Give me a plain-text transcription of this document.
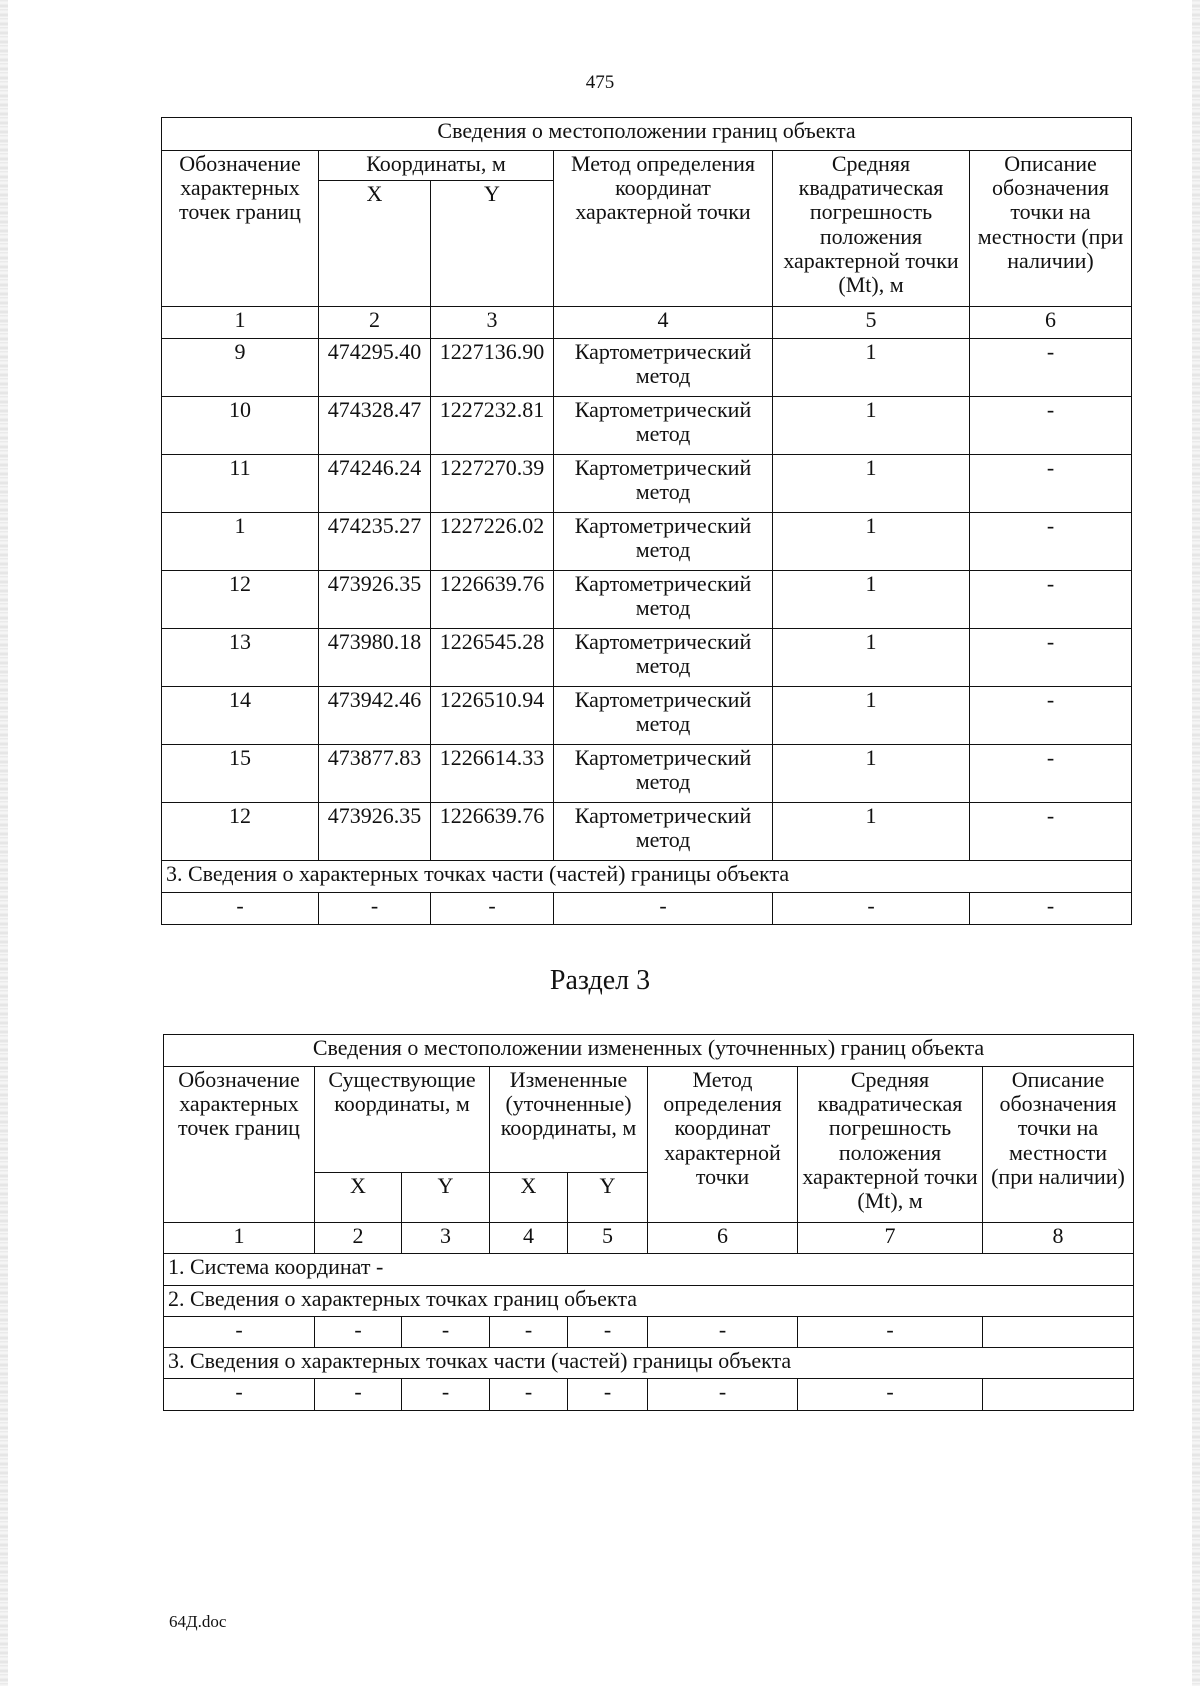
475
Сведения о местоположении границ объекта					
Обозначение характерных точек границ	Координаты, м		Метод определения координат характерной точки	Средняя квадратическая погрешность положения характерной точки (Mt), м	Описание обозначения точки на местности (при наличии)
	X	Y			
1	2	3	4	5	6
9	474295.40	1227136.90	Картометрический метод	1	-
10	474328.47	1227232.81	Картометрический метод	1	-
11	474246.24	1227270.39	Картометрический метод	1	-
1	474235.27	1227226.02	Картометрический метод	1	-
12	473926.35	1226639.76	Картометрический метод	1	-
13	473980.18	1226545.28	Картометрический метод	1	-
14	473942.46	1226510.94	Картометрический метод	1	-
15	473877.83	1226614.33	Картометрический метод	1	-
12	473926.35	1226639.76	Картометрический метод	1	-
3. Сведения о характерных точках части (частей) границы объекта					
-	-	-	-	-	-
Раздел 3
Сведения о местоположении измененных (уточненных) границ объекта							
Обозначение характерных точек границ	Существующие координаты, м		Измененные (уточненные) координаты, м		Метод определения координат характерной точки	Средняя квадратическая погрешность положения характерной точки (Mt), м	Описание обозначения точки на местности (при наличии)
	X	Y	X	Y			
1	2	3	4	5	6	7	8
1. Система координат -							
2. Сведения о характерных точках границ объекта							
-	-	-	-	-	-	-	
3. Сведения о характерных точках части (частей) границы объекта							
-	-	-	-	-	-	-	
64Д.doc
